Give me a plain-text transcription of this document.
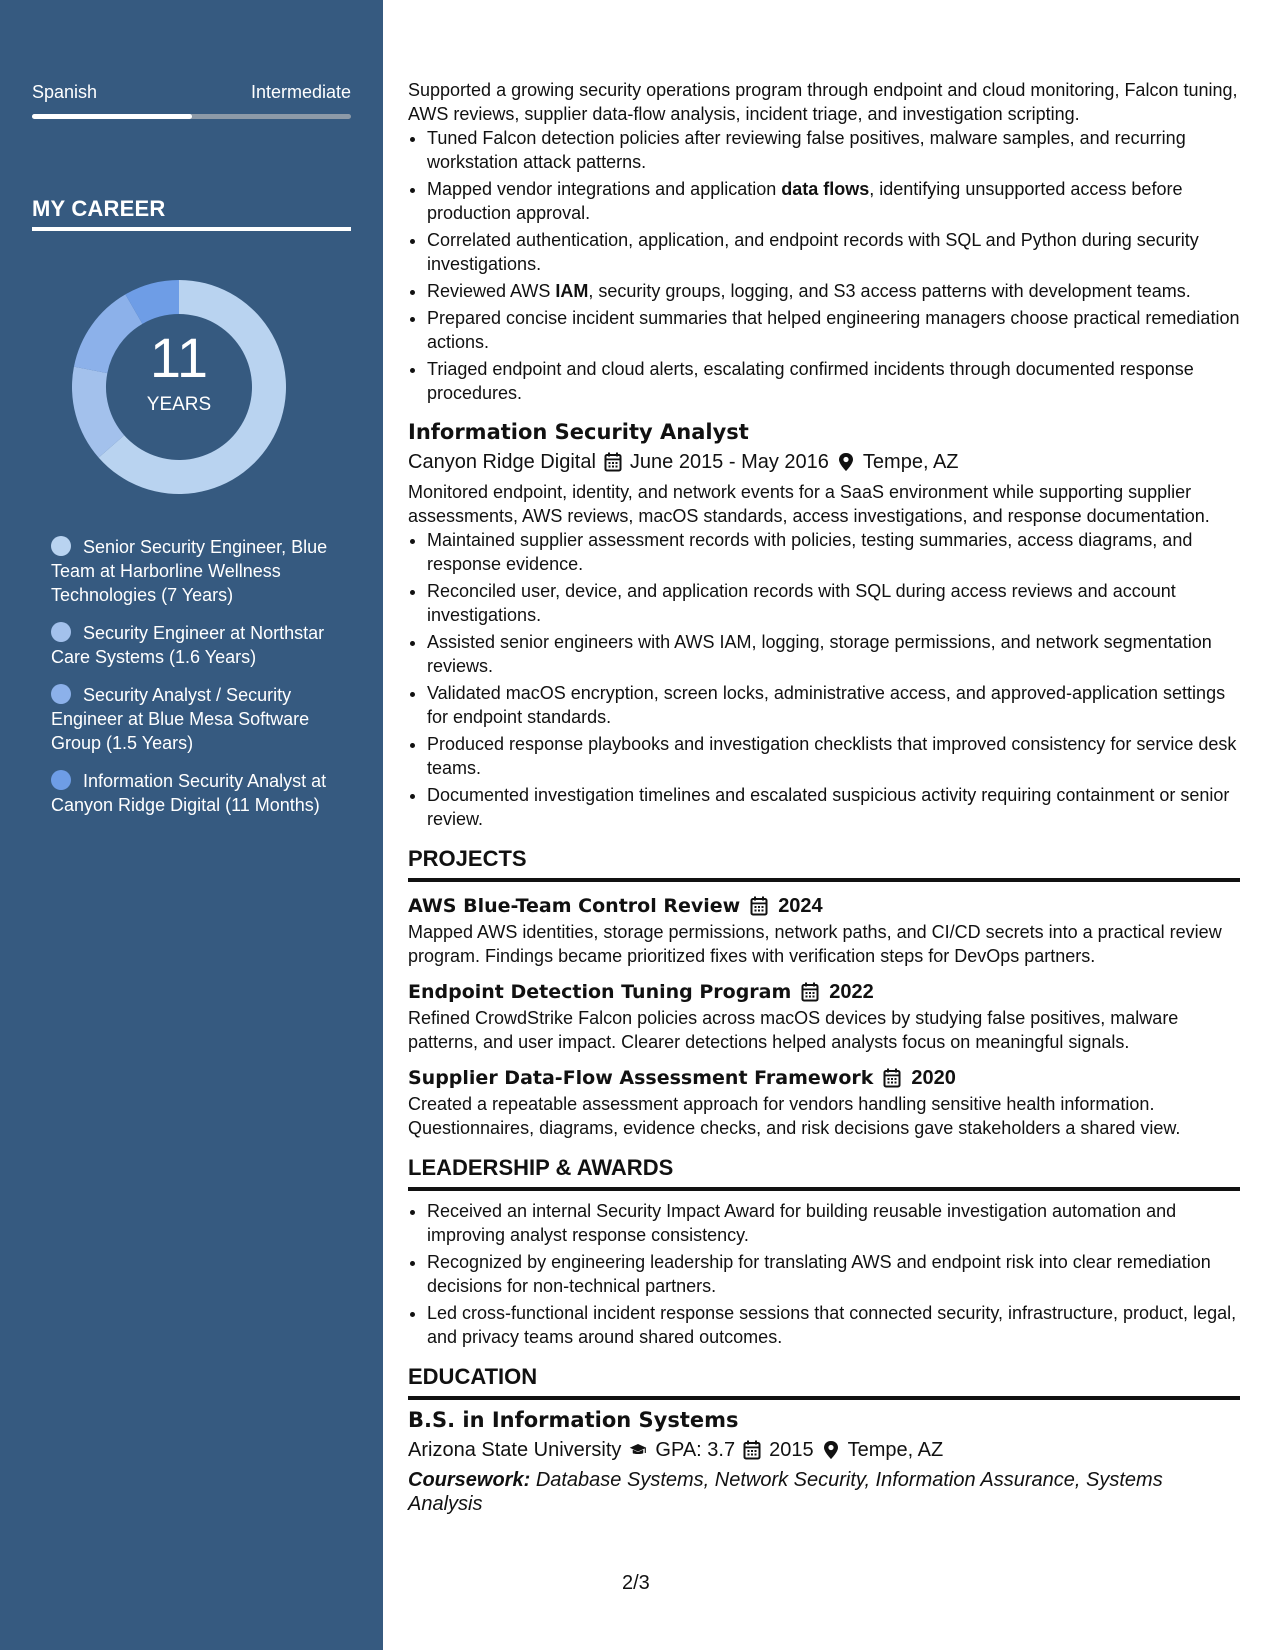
Spanish	Intermediate
MY CAREER
11
YEARS
Senior Security Engineer, Blue Team at Harborline Wellness Technologies (7 Years)
Security Engineer at Northstar Care Systems (1.6 Years)
Security Analyst / Security Engineer at Blue Mesa Software Group (1.5 Years)
Information Security Analyst at Canyon Ridge Digital (11 Months)

Supported a growing security operations program through endpoint and cloud monitoring, Falcon tuning, AWS reviews, supplier data-flow analysis, incident triage, and investigation scripting.

• Tuned Falcon detection policies after reviewing false positives, malware samples, and recurring workstation attack patterns.
• Mapped vendor integrations and application data flows, identifying unsupported access before production approval.
• Correlated authentication, application, and endpoint records with SQL and Python during security investigations.
• Reviewed AWS IAM, security groups, logging, and S3 access patterns with development teams.
• Prepared concise incident summaries that helped engineering managers choose practical remediation actions.
• Triaged endpoint and cloud alerts, escalating confirmed incidents through documented response procedures.
Information Security Analyst
Canyon Ridge Digital June 2015 - May 2016 Tempe, AZ

Monitored endpoint, identity, and network events for a SaaS environment while supporting supplier assessments, AWS reviews, macOS standards, access investigations, and response documentation.

• Maintained supplier assessment records with policies, testing summaries, access diagrams, and response evidence.
• Reconciled user, device, and application records with SQL during access reviews and account investigations.
• Assisted senior engineers with AWS IAM, logging, storage permissions, and network segmentation reviews.
• Validated macOS encryption, screen locks, administrative access, and approved-application settings for endpoint standards.
• Produced response playbooks and investigation checklists that improved consistency for service desk teams.
• Documented investigation timelines and escalated suspicious activity requiring containment or senior review.
PROJECTS
AWS Blue-Team Control Review 2024

Mapped AWS identities, storage permissions, network paths, and CI/CD secrets into a practical review program. Findings became prioritized fixes with verification steps for DevOps partners.

Endpoint Detection Tuning Program 2022

Refined CrowdStrike Falcon policies across macOS devices by studying false positives, malware patterns, and user impact. Clearer detections helped analysts focus on meaningful signals.

Supplier Data-Flow Assessment Framework 2020

Created a repeatable assessment approach for vendors handling sensitive health information. Questionnaires, diagrams, evidence checks, and risk decisions gave stakeholders a shared view.

LEADERSHIP & AWARDS
• Received an internal Security Impact Award for building reusable investigation automation and improving analyst response consistency.
• Recognized by engineering leadership for translating AWS and endpoint risk into clear remediation decisions for non-technical partners.
• Led cross-functional incident response sessions that connected security, infrastructure, product, legal, and privacy teams around shared outcomes.
EDUCATION
B.S. in Information Systems
Arizona State University GPA: 3.7 2015 Tempe, AZ
Coursework: Database Systems, Network Security, Information Assurance, Systems Analysis
2/3
